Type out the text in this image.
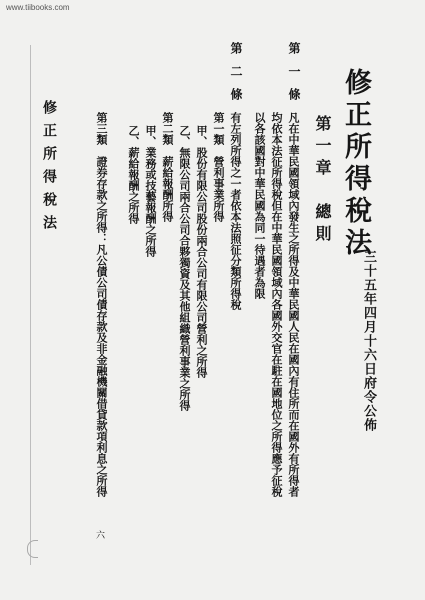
www.tiibooks.com
修正所得稅法
三十五年四月十六日府令公佈
第一章　總則
第一條
凡在中華民國領域內發生之所得及中華民國人民在國內有住所而在國外有所得者
均依本法征所得稅但在中華民國領域內各國外交官在駐在國地位之所得應予征稅
以各該國對中華民國為同一待遇者為限
第二條
有左列所得之一者依本法照征分類所得稅
第一類　營利事業所得
甲、股份有限公司股份兩合公司有限公司營利之所得
乙、無限公司兩合公司合夥獨資及其他組織營利事業之所得
第二類　薪給報酬所得
甲、業務或技藝報酬之所得
乙、薪給報酬之所得
第三類　證券存款之所得：凡公債公司債存款及非金融機關借貸款項利息之所得
修正所得稅法
六
